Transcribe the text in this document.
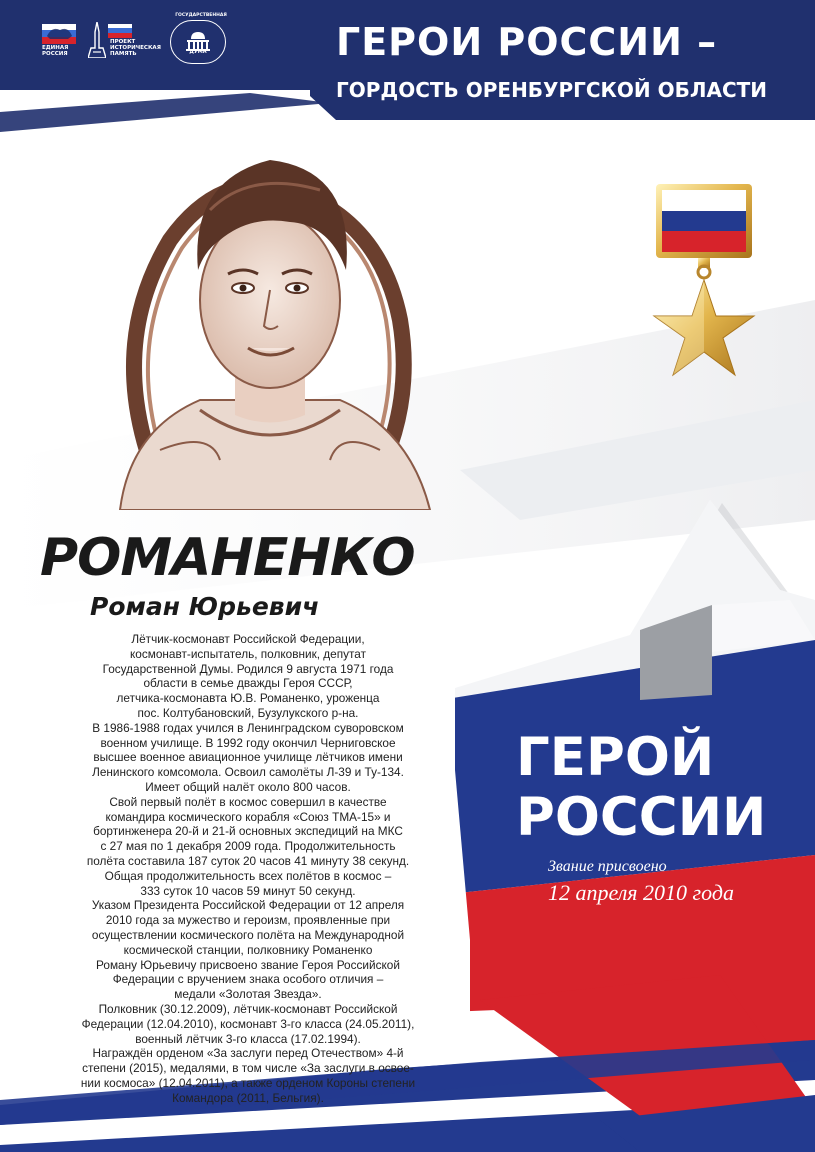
ЕДИНАЯ
РОССИЯ
ПРОЕКТ
ИСТОРИЧЕСКАЯ
ПАМЯТЬ
ГОСУДАРСТВЕННАЯ
ДУМА	ГЕРОИ РОССИИ –
ГОРДОСТЬ ОРЕНБУРГСКОЙ ОБЛАСТИ
РОМАНЕНКО
Роман Юрьевич

Лётчик-космонавт Российской Федерации,

космонавт-испытатель, полковник, депутат

Государственной Думы. Родился 9 августа 1971 года

области в семье дважды Героя СССР,

летчика-космонавта Ю.В. Романенко, уроженца

пос. Колтубановский, Бузулукского р-на.

В 1986-1988 годах учился в Ленинградском суворовском

военном училище. В 1992 году окончил Черниговское

высшее военное авиационное училище лётчиков имени

Ленинского комсомола. Освоил самолёты Л-39 и Ту-134.

Имеет общий налёт около 800 часов.

Свой первый полёт в космос совершил в качестве

командира космического корабля «Союз ТМА-15» и

бортинженера 20-й и 21-й основных экспедиций на МКС

с 27 мая по 1 декабря 2009 года. Продолжительность

полёта составила 187 суток 20 часов 41 минуту 38 секунд.

Общая продолжительность всех полётов в космос –

333 суток 10 часов 59 минут 50 секунд.

Указом Президента Российской Федерации от 12 апреля

2010 года за мужество и героизм, проявленные при

осуществлении космического полёта на Международной

космической станции, полковнику Романенко

Роману Юрьевичу присвоено звание Героя Российской

Федерации с вручением знака особого отличия –

медали «Золотая Звезда».

Полковник (30.12.2009), лётчик-космонавт Российской

Федерации (12.04.2010), космонавт 3-го класса (24.05.2011),

военный лётчик 3-го класса (17.02.1994).

Награждён орденом «За заслуги перед Отечеством» 4-й

степени (2015), медалями, в том числе «За заслуги в освое-

нии космоса» (12.04.2011), а также орденом Короны степени

Командора (2011, Бельгия).

ГЕРОЙ
РОССИИ
Звание присвоено
12 апреля 2010 года
